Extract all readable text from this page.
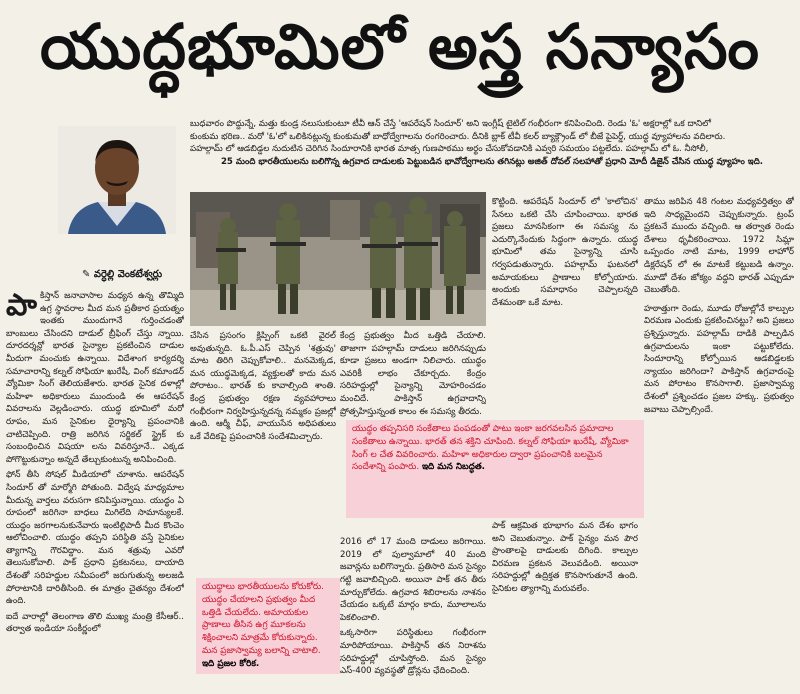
యుద్ధభూమిలో అస్త్ర సన్యాసం
✎ వర్ధెల్లి వెంకటేశ్వర్లు
బుధవారం పొద్దున్నే, మత్తు కుండ్ర నలుసుకుంటూ టీవీ ఆన్ చేస్తే 'ఆపరేషన్ సిందూర్' అని ఇంగ్లీష్ టైటిల్ గంభీరంగా కనిపించింది. రెండు 'ఓ' అక్షరాల్లో ఒక దానిలో
కుంకుమ భరిణ.. మరో 'ఓ'లో ఒలికినట్లున్న కుంకుమతో బాధోద్వేగాలను రంగరించారు. దీనికి బ్లాక్ టీవీ కలర్ బ్యాక్గ్రౌండ్ లో బీజే పైపెర్డ్, యుద్ధ వ్యూహాలను వదిలారు.
పహల్గామ్ లో ఆడబిడ్డల నుదుటిన చెరిగిన సిందూరానికి భారత మాత్స గుణపాఠము అర్థం చేసుకోవడానికి ఎవ్వరి సమయం పట్టలేదు. పహల్గామ్ లో ఓ. నీసోలీ,
25 మంది భారతీయులను బలిగొన్న ఉగ్రవాద దాడులకు పెట్టుబడిన భావోద్వేగాలను తగినట్లు అజిత్ దోవల్ సలహాతో ప్రధాని మోదీ డిజైన్ చేసిన యుద్ధ వ్యూహం ఇది.

పాకిస్తాన్ జనావాసాల మధ్యన ఉన్న తొమ్మిది ఉగ్ర స్థావరాల మీద మన ప్రతీకార ప్రయత్నం ఇంతకు ముందుగానే గుర్తించడంతో బాంబులు చేసిందని దాడుల్ బ్రీఫింగ్ చేస్తు న్నాయి. దూరదర్శన్లో భారత సైన్యాల ప్రకటించిన దాడుల మీదుగా మంచుకు ఉన్నాయి. విదేశాంగ కార్యదర్శి సమాచారాన్ని కల్నల్ సోఫియా ఖురేషీ, వింగ్ కమాండర్ వ్యోమికా సింగ్ తెలియజేశారు. భారత సైనిక దళాల్లో మహిళా అధికారులు ముందుండి ఈ ఆపరేషన్ వివరాలను వెల్లడించారు. యుద్ధ భూమిలో మరో రూపం, మన సైనికుల ధైర్యాన్ని ప్రపంచానికి చాటిచెప్పింది. రాత్రి జరిగిన సర్జికల్ స్ట్రైక్ కు సంబంధించిన విషయా లను వివరిస్తూనే.. ఎక్కడ పోగొట్టుకున్నాం అన్నదే తేల్చుకుంటున్న అనిపించింది.

ఫోన్ తీసి సోషల్ మీడియాలో చూశాను. ఆపరేషన్ సిందూర్ తో మార్మోగి పోతుంది. విద్వేష మాధ్యమాల మీదున్న వార్తలు వరుసగా కనిపిస్తున్నాయి. యుద్ధం ఏ రూపంలో జరిగినా బాధలు మిగిలేది సామాన్యులకే. యుద్ధం జరగాలనుకునేవారు ఇంటిల్లిపాదీ మీద కొంచెం ఆలోచించాలి. యుద్ధం తప్పని పరిస్థితి వస్తే సైనికుల త్యాగాన్ని గౌరవిద్దాం. మన శత్రువు ఎవరో తెలుసుకోవాలి. పాక్ ప్రధాని ప్రకటనలు, దాయాది దేశంతో సరిహద్దుల సమీపంలో జరుగుతున్న అలజడి పోరాటానికి దారితీసింది. ఈ మాత్రం చైతన్యం దేశంలో ఉంది.

ఐదే వారాల్లో తెలంగాణ తొలి ముఖ్య మంత్రి కేసీఆర్.. తర్వాత ఇండియా సంకీర్ణంలో

చేసిన ప్రసంగం క్లిప్పింగ్ ఒకటి వైరల్ అవుతున్నది. ఓ.పీ.ఎస్ చెప్పిన 'శత్రువు' మాట తిరిగి చెప్పుకోవాలి.. మనమెక్కడ, మన యుద్ధమెక్కడ, వ్యక్తులతో కాదు మన పోరాటం.. భారత్ కు కావాల్సింది శాంతి. కేంద్ర ప్రభుత్వం రక్షణ వ్యవహారాలు గంభీరంగా నిర్వహిస్తున్నదన్న నమ్మకం ప్రజల్లో ఉంది. ఆర్మీ చీఫ్, వాయుసేన అధిపతులు ఒకే వేదికపై ప్రపంచానికి సందేశమిచ్చారు.

యుద్ధాలు భారతీయులను కోరుకోరు. యుద్ధం చేయాలని ప్రభుత్వం మీద ఒత్తిడి చేయలేదు. అమాయకుల ప్రాణాలు తీసిన ఉగ్ర మూకలను శిక్షించాలని మాత్రమే కోరుకున్నారు. మన ప్రజాస్వామ్య బలాన్ని చాటాలి. ఇది ప్రజల కోరిక.

కేంద్ర ప్రభుత్వం మీద ఒత్తిడి చేయాలి. తాజాగా పహల్గామ్ దాడులు జరిగినప్పుడు కూడా ప్రజలు అండగా నిలిచారు. యుద్ధం ఎవరికీ లాభం చేకూర్చదు. కేంద్రం సరిహద్దుల్లో సైన్యాన్ని మోహరించడం మంచిదే. పాకిస్తాన్ ఉగ్రవాదాన్ని ప్రోత్సహిస్తున్నంత కాలం ఈ సమస్య తీరదు.

2016 లో 17 మంది దాడులు జరిగాయి. 2019 లో పుల్వామాలో 40 మంది జవాన్లను బలిగొన్నారు. ప్రతిసారి మన సైన్యం గట్టి జవాబిచ్చింది. అయినా పాక్ తన తీరు మార్చుకోలేదు. ఉగ్రవాద శిబిరాలను నాశనం చేయడం ఒక్కటే మార్గం కాదు, మూలాలను పెకలించాలి.

ఒక్కసారిగా పరిస్థితులు గంభీరంగా మారిపోయాయి. పాకిస్తాన్ తన నిరాశను సరిహద్దుల్లో చూపిస్తోంది. మన సైన్యం ఎస్-400 వ్యవస్థతో డ్రోన్లను ఛేదించింది.

కొట్టింది. ఆపరేషన్ సిందూర్ లో 'కాలోచిన' సేనలు ఒకటి చేసి చూపించాయి. భారత ప్రజలు మానసికంగా ఈ సమస్య ను ఎదుర్కొనేందుకు సిద్ధంగా ఉన్నారు. యుద్ధ భూమిలో తమ సైన్యాన్ని చూసి గర్వపడుతున్నారు. పహల్గామ్ ఘటనలో అమాయకులు ప్రాణాలు కోల్పోయారు. అందుకు సమాధానం చెప్పాలన్నది దేశమంతా ఒకే మాట.

యుద్ధం తప్పనిసరి సంకేతాలు పంపడంతో పాటు ఇంకా జరగవలసిన ప్రమాదాల సంకేతాలు ఉన్నాయి. భారత్ తన శక్తిని చూపింది. కల్నల్ సోఫియా ఖురేషీ, వ్యోమికా సింగ్ ల చేత వివరించారు. మహిళా అధికారుల ద్వారా ప్రపంచానికి బలమైన సందేశాన్ని పంపారు. ఇది మన నిబద్ధత.

పాక్ ఆక్రమిత భూభాగం మన దేశం భాగం అని చెబుతున్నాం. పాక్ సైన్యం మన పౌర ప్రాంతాలపై దాడులకు దిగింది. కాల్పుల విరమణ ప్రకటన వెలువడింది. అయినా సరిహద్దుల్లో ఉద్రిక్తత కొనసాగుతూనే ఉంది. సైనికుల త్యాగాన్ని మరువలేం.

తాము జరిపిన 48 గంటల మధ్యవర్తిత్వం తో ఇది సాధ్యమైందని చెప్పుకున్నారు. ట్రంప్ ప్రకటనే ముందు వచ్చింది. ఆ తర్వాత రెండు దేశాలు ధృవీకరించాయి. 1972 సిమ్లా ఒప్పందం నాటి మాట, 1999 లాహోర్ డిక్లరేషన్ లో ఈ మాటకే కట్టుబడి ఉన్నాం. మూడో దేశం జోక్యం వద్దని భారత్ ఎప్పుడూ చెబుతోంది.

హఠాత్తుగా రెండు, మూడు రోజుల్లోనే కాల్పుల విరమణ ఎందుకు ప్రకటించినట్టు? అని ప్రజలు ప్రశ్నిస్తున్నారు. పహల్గామ్ దాడికి పాల్పడిన ఉగ్రవాదులను ఇంకా పట్టుకోలేదు. సిందూరాన్ని కోల్పోయిన ఆడబిడ్డలకు న్యాయం జరిగిందా? పాకిస్తాన్ ఉగ్రవాదంపై మన పోరాటం కొనసాగాలి. ప్రజాస్వామ్య దేశంలో ప్రశ్నించడం ప్రజల హక్కు. ప్రభుత్వం జవాబు చెప్పాల్సిందే.
